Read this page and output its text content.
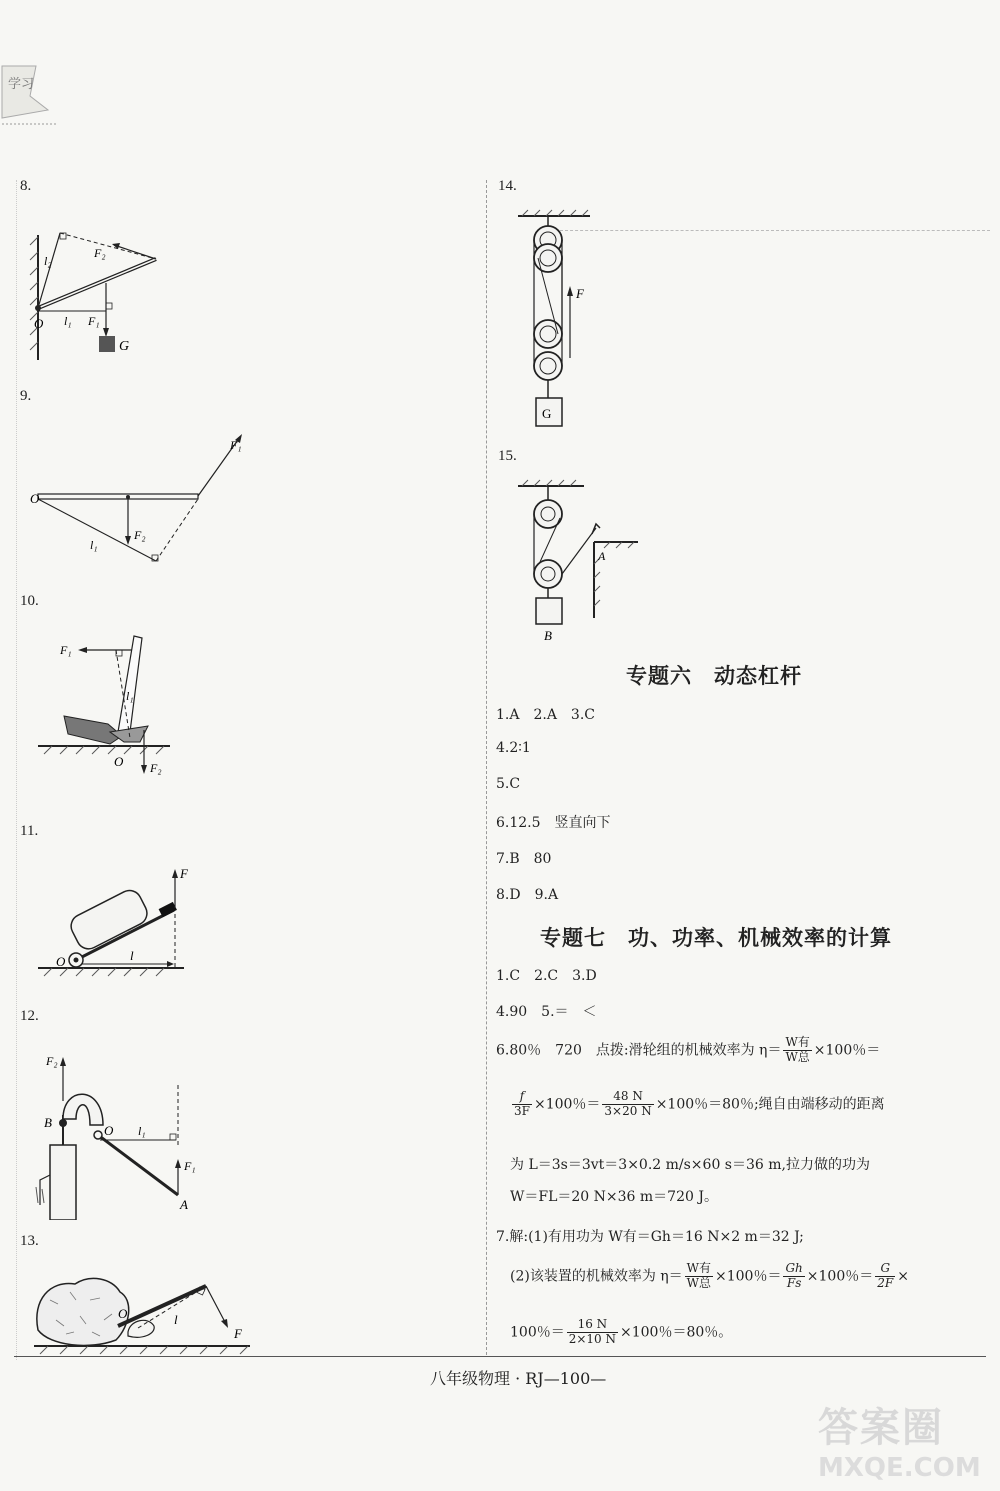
学习
8.
l₂
F₂
O l₁ F₁
G
9.
F₁
O
F₂
l₁
10.
F₁
l₁
O F₂
11.
F
O	l
12.
F₂
B
O l₁
F₁
A
13.
O	l
F
14.
F
G
15.
A
B
专题六　动态杠杆
1.A　2.A　3.C
4.2∶1
5.C
6.12.5　竖直向下
7.B　80
8.D　9.A
专题七　功、功率、机械效率的计算
1.C　2.C　3.D
4.90　5.＝　＜
6.80％　720　点拨:滑轮组的机械效率为 $\eta= \frac{\text{W有}}{\text{W总}} \times 100$％＝
$\frac{f}{3F} \times 100$％＝ $\frac{48 N}{3\times 20 N} \times 100$％＝80％;绳自由端移动的距离
为 L＝3s＝3vt＝3×0.2 m/s×60 s＝36 m,拉力做的功为
W＝FL＝20 N×36 m＝720 J。
7.解:(1)有用功为 W有＝Gh＝16 N×2 m＝32 J;
(2)该装置的机械效率为 $\eta= \frac{\text{W有}}{\text{W总}} \times 100$％＝ $\frac{Gh}{Fs} \times 100$％＝ $\frac{G}{2F}$ ×
100％＝ $\frac{16 N}{2\times 10 N} \times 100$％＝80％。
八年级物理 · RJ—100—
答案圈
MXQE.COM
